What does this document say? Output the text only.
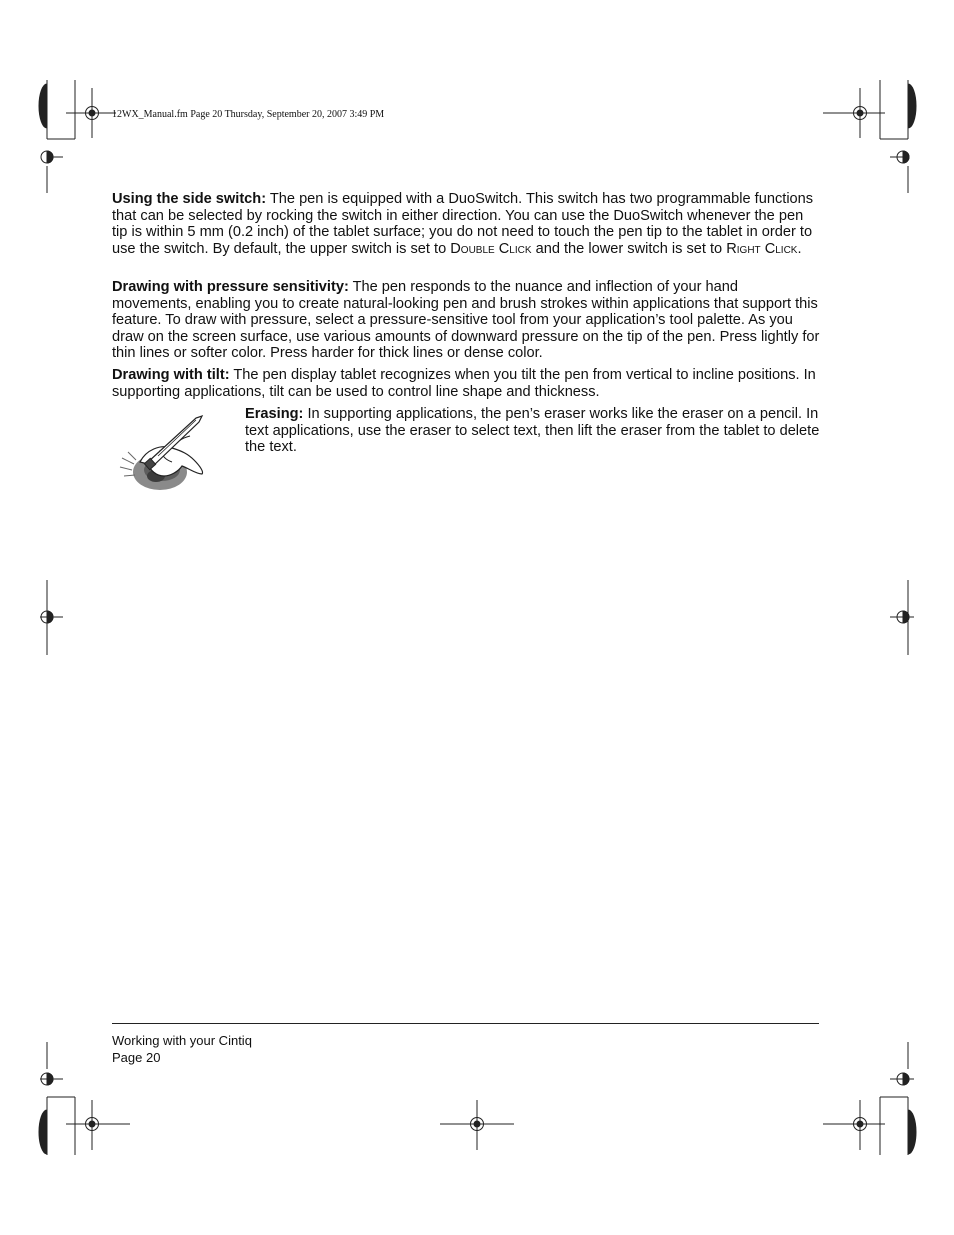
12WX_Manual.fm Page 20 Thursday, September 20, 2007 3:49 PM

Using the side switch: The pen is equipped with a DuoSwitch. This switch has two programmable functions that can be selected by rocking the switch in either direction. You can use the DuoSwitch whenever the pen tip is within 5 mm (0.2 inch) of the tablet surface; you do not need to touch the pen tip to the tablet in order to use the switch. By default, the upper switch is set to Double Click and the lower switch is set to Right Click.

Drawing with pressure sensitivity: The pen responds to the nuance and inflection of your hand movements, enabling you to create natural-looking pen and brush strokes within applications that support this feature. To draw with pressure, select a pressure-sensitive tool from your application’s tool palette. As you draw on the screen surface, use various amounts of downward pressure on the tip of the pen. Press lightly for thin lines or softer color. Press harder for thick lines or dense color.

Drawing with tilt: The pen display tablet recognizes when you tilt the pen from vertical to incline positions. In supporting applications, tilt can be used to control line shape and thickness.

Erasing: In supporting applications, the pen’s eraser works like the eraser on a pencil. In text applications, use the eraser to select text, then lift the eraser from the tablet to delete the text.

Working with your Cintiq
Page 20
